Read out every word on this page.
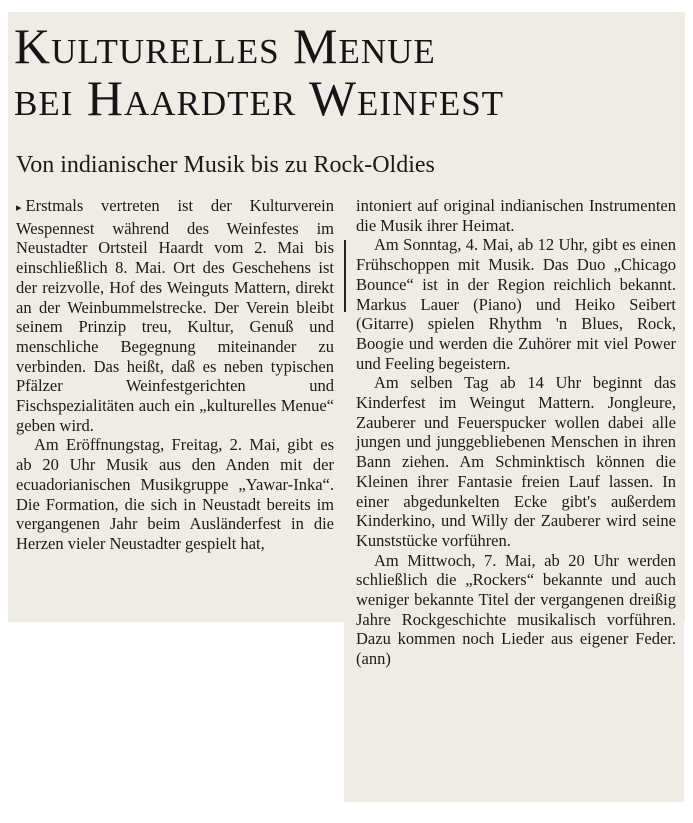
Kulturelles Menue
bei Haardter Weinfest
Von indianischer Musik bis zu Rock-Oldies

▸ Erstmals vertreten ist der Kulturverein Wespennest während des Weinfestes im Neustadter Ortsteil Haardt vom 2. Mai bis einschließlich 8. Mai. Ort des Geschehens ist der reizvolle, Hof des Weinguts Mattern, direkt an der Weinbummelstrecke. Der Verein bleibt seinem Prinzip treu, Kultur, Genuß und menschliche Begegnung miteinander zu verbinden. Das heißt, daß es neben typischen Pfälzer Weinfestgerichten und Fischspezialitäten auch ein „kulturelles Menue“ geben wird.

Am Eröffnungstag, Freitag, 2. Mai, gibt es ab 20 Uhr Musik aus den Anden mit der ecuadorianischen Musikgruppe „Yawar-Inka“. Die Formation, die sich in Neustadt bereits im vergangenen Jahr beim Ausländerfest in die Herzen vieler Neustadter gespielt hat,

intoniert auf original indianischen Instrumenten die Musik ihrer Heimat.

Am Sonntag, 4. Mai, ab 12 Uhr, gibt es einen Frühschoppen mit Musik. Das Duo „Chicago Bounce“ ist in der Region reichlich bekannt. Markus Lauer (Piano) und Heiko Seibert (Gitarre) spielen Rhythm 'n Blues, Rock, Boogie und werden die Zuhörer mit viel Power und Feeling begeistern.

Am selben Tag ab 14 Uhr beginnt das Kinderfest im Weingut Mattern. Jongleure, Zauberer und Feuerspucker wollen dabei alle jungen und junggebliebenen Menschen in ihren Bann ziehen. Am Schminktisch können die Kleinen ihrer Fantasie freien Lauf lassen. In einer abgedunkelten Ecke gibt's außerdem Kinderkino, und Willy der Zauberer wird seine Kunststücke vorführen.

Am Mittwoch, 7. Mai, ab 20 Uhr werden schließlich die „Rockers“ bekannte und auch weniger bekannte Titel der vergangenen dreißig Jahre Rockgeschichte musikalisch vorführen. Dazu kommen noch Lieder aus eigener Feder. (ann)
